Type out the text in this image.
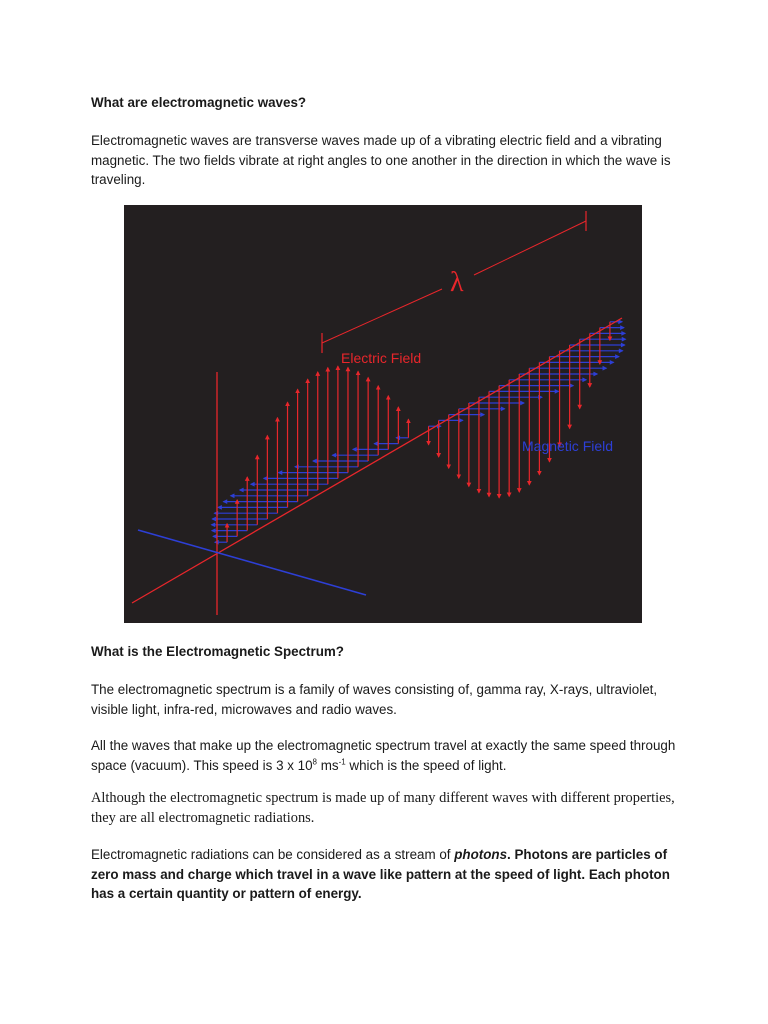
What are electromagnetic waves?
Electromagnetic waves are transverse waves made up of a vibrating electric field and a vibrating magnetic. The two fields vibrate at right angles to one another in the direction in which the wave is traveling.
λ
Electric Field
Magnetic Field
What is the Electromagnetic Spectrum?
The electromagnetic spectrum is a family of waves consisting of, gamma ray, X-rays, ultraviolet, visible light, infra-red, microwaves and radio waves.
All the waves that make up the electromagnetic spectrum travel at exactly the same speed through space (vacuum). This speed is 3 x $10^8$ $ms^{-1}$ which is the speed of light.
Although the electromagnetic spectrum is made up of many different waves with different properties, they are all electromagnetic radiations.
Electromagnetic radiations can be considered as a stream of photons. Photons are particles of zero mass and charge which travel in a wave like pattern at the speed of light. Each photon has a certain quantity or pattern of energy.
